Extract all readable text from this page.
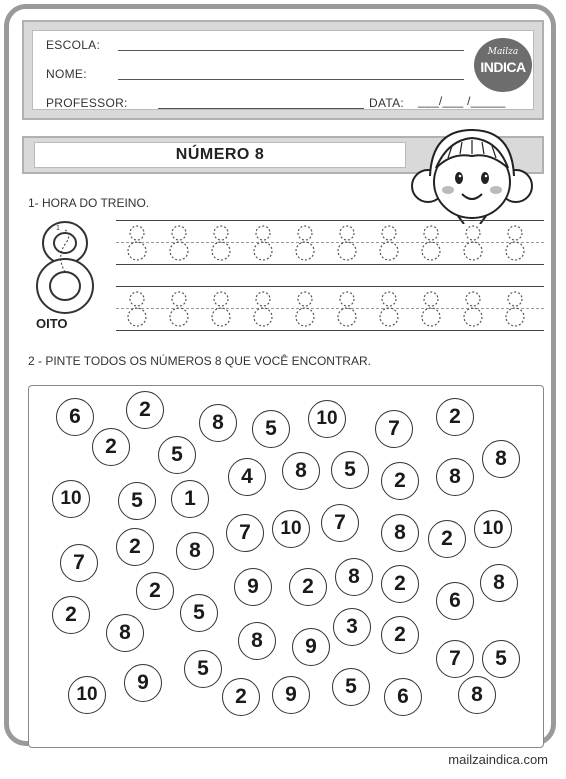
ESCOLA:
NOME:
PROFESSOR:	DATA: ___/___ /_____
Mailza
INDICA
NÚMERO 8
1- HORA DO TREINO.
1
OITO
2 - PINTE TODOS OS NÚMEROS 8 QUE VOCÊ ENCONTRAR.
6	2
8	5	10	7
2
2	5
4	8	5	2	8
8
10	5	1
7	10	7	8	2	10
7
2	8
9	2	8	2	8
2
2
5
6
8	8	9
3	2
5
7
5
10
9
2	9	5	6	8
mailzaindica.com
